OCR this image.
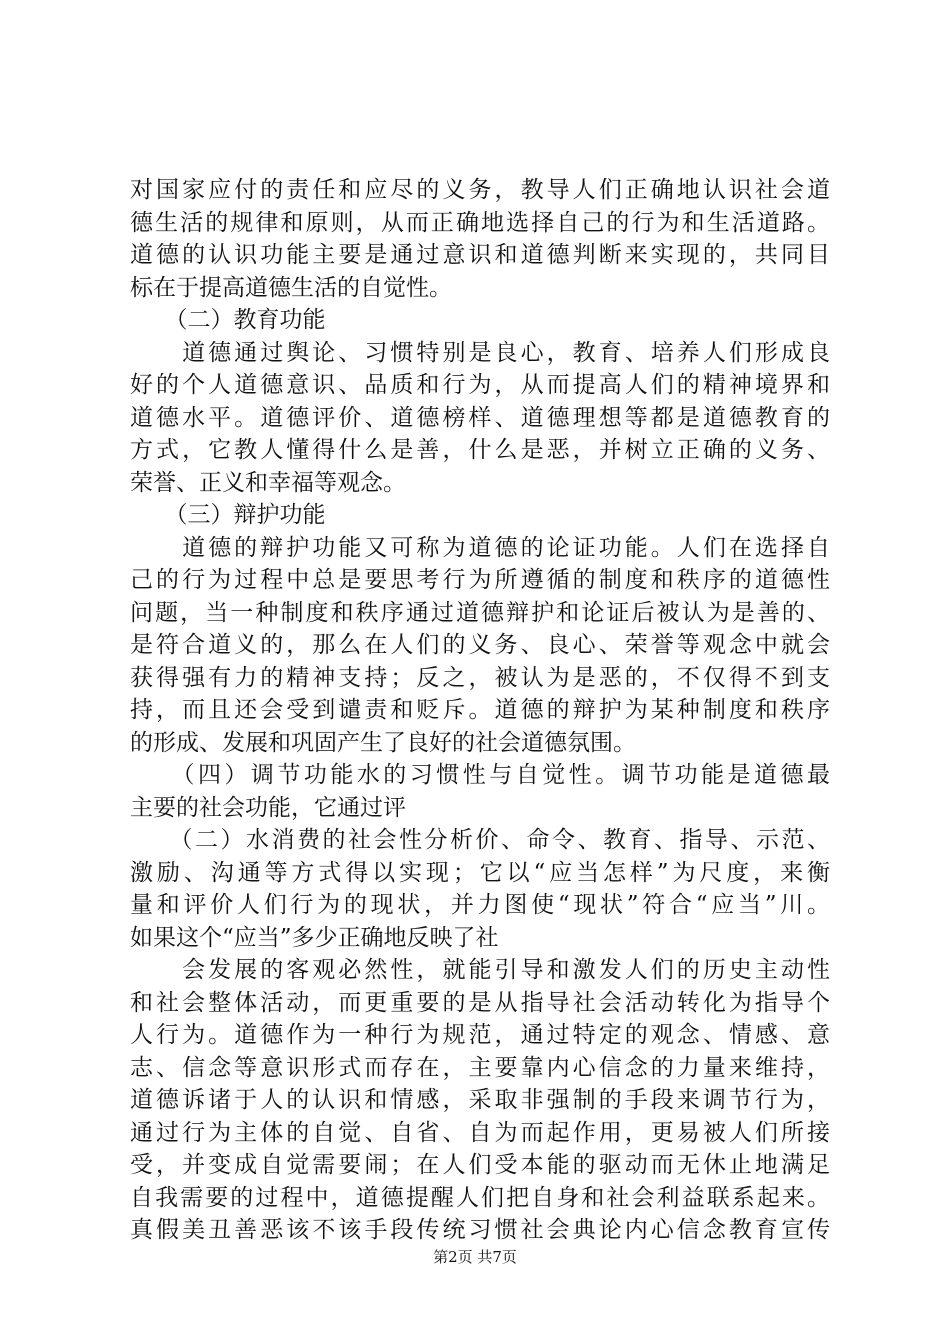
对国家应付的责任和应尽的义务，教导人们正确地认识社会道
德生活的规律和原则，从而正确地选择自己的行为和生活道路。
道德的认识功能主要是通过意识和道德判断来实现的，共同目
标在于提高道德生活的自觉性。
　　（二）教育功能
　　道德通过舆论、习惯特别是良心，教育、培养人们形成良
好的个人道德意识、品质和行为，从而提高人们的精神境界和
道德水平。道德评价、道德榜样、道德理想等都是道德教育的
方式，它教人懂得什么是善，什么是恶，并树立正确的义务、
荣誉、正义和幸福等观念。
　　（三）辩护功能
　　道德的辩护功能又可称为道德的论证功能。人们在选择自
己的行为过程中总是要思考行为所遵循的制度和秩序的道德性
问题，当一种制度和秩序通过道德辩护和论证后被认为是善的、
是符合道义的，那么在人们的义务、良心、荣誉等观念中就会
获得强有力的精神支持；反之，被认为是恶的，不仅得不到支
持，而且还会受到谴责和贬斥。道德的辩护为某种制度和秩序
的形成、发展和巩固产生了良好的社会道德氛围。
　　（四）调节功能水的习惯性与自觉性。调节功能是道德最
主要的社会功能，它通过评
　　（二）水消费的社会性分析价、命令、教育、指导、示范、
激励、沟通等方式得以实现；它以“应当怎样”为尺度，来衡
量和评价人们行为的现状，并力图使“现状”符合“应当”川。
如果这个“应当”多少正确地反映了社
　　会发展的客观必然性，就能引导和激发人们的历史主动性
和社会整体活动，而更重要的是从指导社会活动转化为指导个
人行为。道德作为一种行为规范，通过特定的观念、情感、意
志、信念等意识形式而存在，主要靠内心信念的力量来维持，
道德诉诸于人的认识和情感，采取非强制的手段来调节行为，
通过行为主体的自觉、自省、自为而起作用，更易被人们所接
受，并变成自觉需要闹；在人们受本能的驱动而无休止地满足
自我需要的过程中，道德提醒人们把自身和社会利益联系起来。
真假美丑善恶该不该手段传统习惯社会典论内心信念教育宣传
第2页 共7页
